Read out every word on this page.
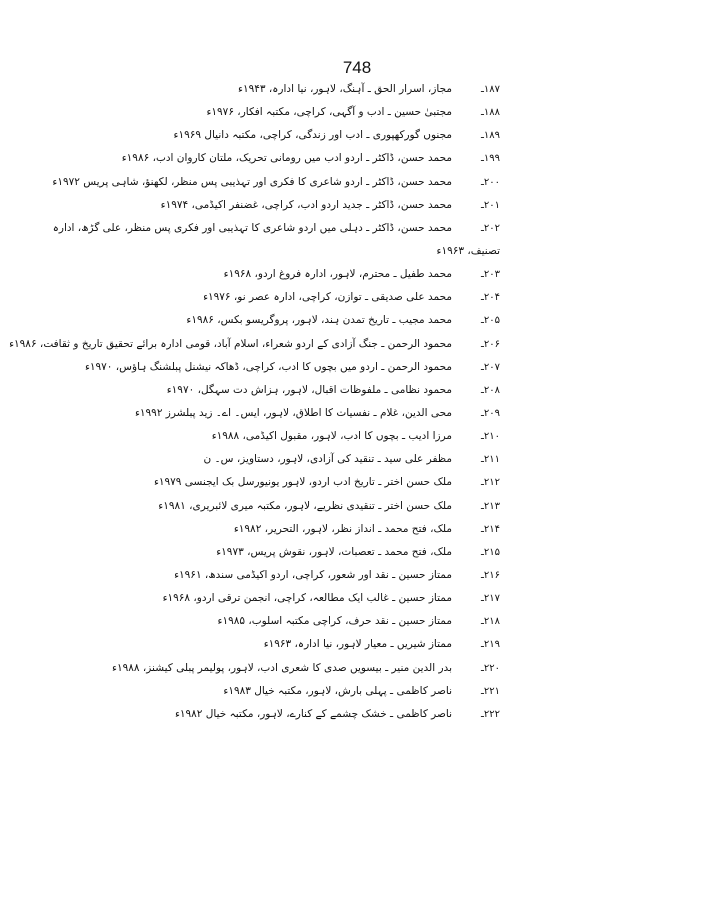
748
۱۸۷ـ
مجاز، اسرار الحق ـ آہنگ، لاہور، نیا ادارہ، ۱۹۴۳ء
۱۸۸ـ
مجتبیٰ حسین ـ ادب و آگہی، کراچی، مکتبہ افکار، ۱۹۷۶ء
۱۸۹ـ
مجنوں گورکھپوری ـ ادب اور زندگی، کراچی، مکتبہ دانیال ۱۹۶۹ء
۱۹۹ـ
محمد حسن، ڈاکٹر ـ اردو ادب میں رومانی تحریک، ملتان کاروان ادب، ۱۹۸۶ء
۲۰۰ـ
محمد حسن، ڈاکٹر ـ اردو شاعری کا فکری اور تہذیبی پس منظر، لکھنؤ، شاہی پریس ۱۹۷۲ء
۲۰۱ـ
محمد حسن، ڈاکٹر ـ جدید اردو ادب، کراچی، غضنفر اکیڈمی، ۱۹۷۴ء
۲۰۲ـ
محمد حسن، ڈاکٹر ـ دہلی میں اردو شاعری کا تہذیبی اور فکری پس منظر، علی گڑھ، ادارہ
تصنیف، ۱۹۶۳ء
۲۰۳ـ
محمد طفیل ـ محترم، لاہور، ادارہ فروغ اردو، ۱۹۶۸ء
۲۰۴ـ
محمد علی صدیقی ـ توازن، کراچی، ادارہ عصر نو، ۱۹۷۶ء
۲۰۵ـ
محمد مجیب ـ تاریخ تمدن ہند، لاہور، پروگریسو بکس، ۱۹۸۶ء
۲۰۶ـ
محمود الرحمن ـ جنگ آزادی کے اردو شعراء، اسلام آباد، قومی ادارہ برائے تحقیق تاریخ و ثقافت، ۱۹۸۶ء
۲۰۷ـ
محمود الرحمن ـ اردو میں بچوں کا ادب، کراچی، ڈھاکہ نیشنل پبلشنگ ہاؤس، ۱۹۷۰ء
۲۰۸ـ
محمود نظامی ـ ملفوظات اقبال، لاہور، ہزاش دت سہگل، ۱۹۷۰ء
۲۰۹ـ
محی الدین، غلام ـ نفسیات کا اطلاق، لاہور، ایس۔ اے۔ زید پبلشرز ۱۹۹۲ء
۲۱۰ـ
مرزا ادیب ـ بچوں کا ادب، لاہور، مقبول اکیڈمی، ۱۹۸۸ء
۲۱۱ـ
مظفر علی سید ـ تنقید کی آزادی، لاہور، دستاویز، س۔ ن
۲۱۲ـ
ملک حسن اختر ـ تاریخ ادب اردو، لاہور یونیورسل بک ایجنسی ۱۹۷۹ء
۲۱۳ـ
ملک حسن اختر ـ تنقیدی نظریے، لاہور، مکتبہ میری لائبریری، ۱۹۸۱ء
۲۱۴ـ
ملک، فتح محمد ـ انداز نظر، لاہور، التحریر، ۱۹۸۲ء
۲۱۵ـ
ملک، فتح محمد ـ تعصبات، لاہور، نقوش پریس، ۱۹۷۳ء
۲۱۶ـ
ممتاز حسین ـ نقد اور شعور، کراچی، اردو اکیڈمی سندھ، ۱۹۶۱ء
۲۱۷ـ
ممتاز حسین ـ غالب ایک مطالعہ، کراچی، انجمن ترقی اردو، ۱۹۶۸ء
۲۱۸ـ
ممتاز حسین ـ نقد حرف، کراچی مکتبہ اسلوب، ۱۹۸۵ء
۲۱۹ـ
ممتاز شیریں ـ معیار لاہور، نیا ادارہ، ۱۹۶۳ء
۲۲۰ـ
بدر الدین منیر ـ بیسویں صدی کا شعری ادب، لاہور، پولیمر پبلی کیشنز، ۱۹۸۸ء
۲۲۱ـ
ناصر کاظمی ـ پہلی بارش، لاہور، مکتبہ خیال ۱۹۸۳ء
۲۲۲ـ
ناصر کاظمی ـ خشک چشمے کے کنارے، لاہور، مکتبہ خیال ۱۹۸۲ء
